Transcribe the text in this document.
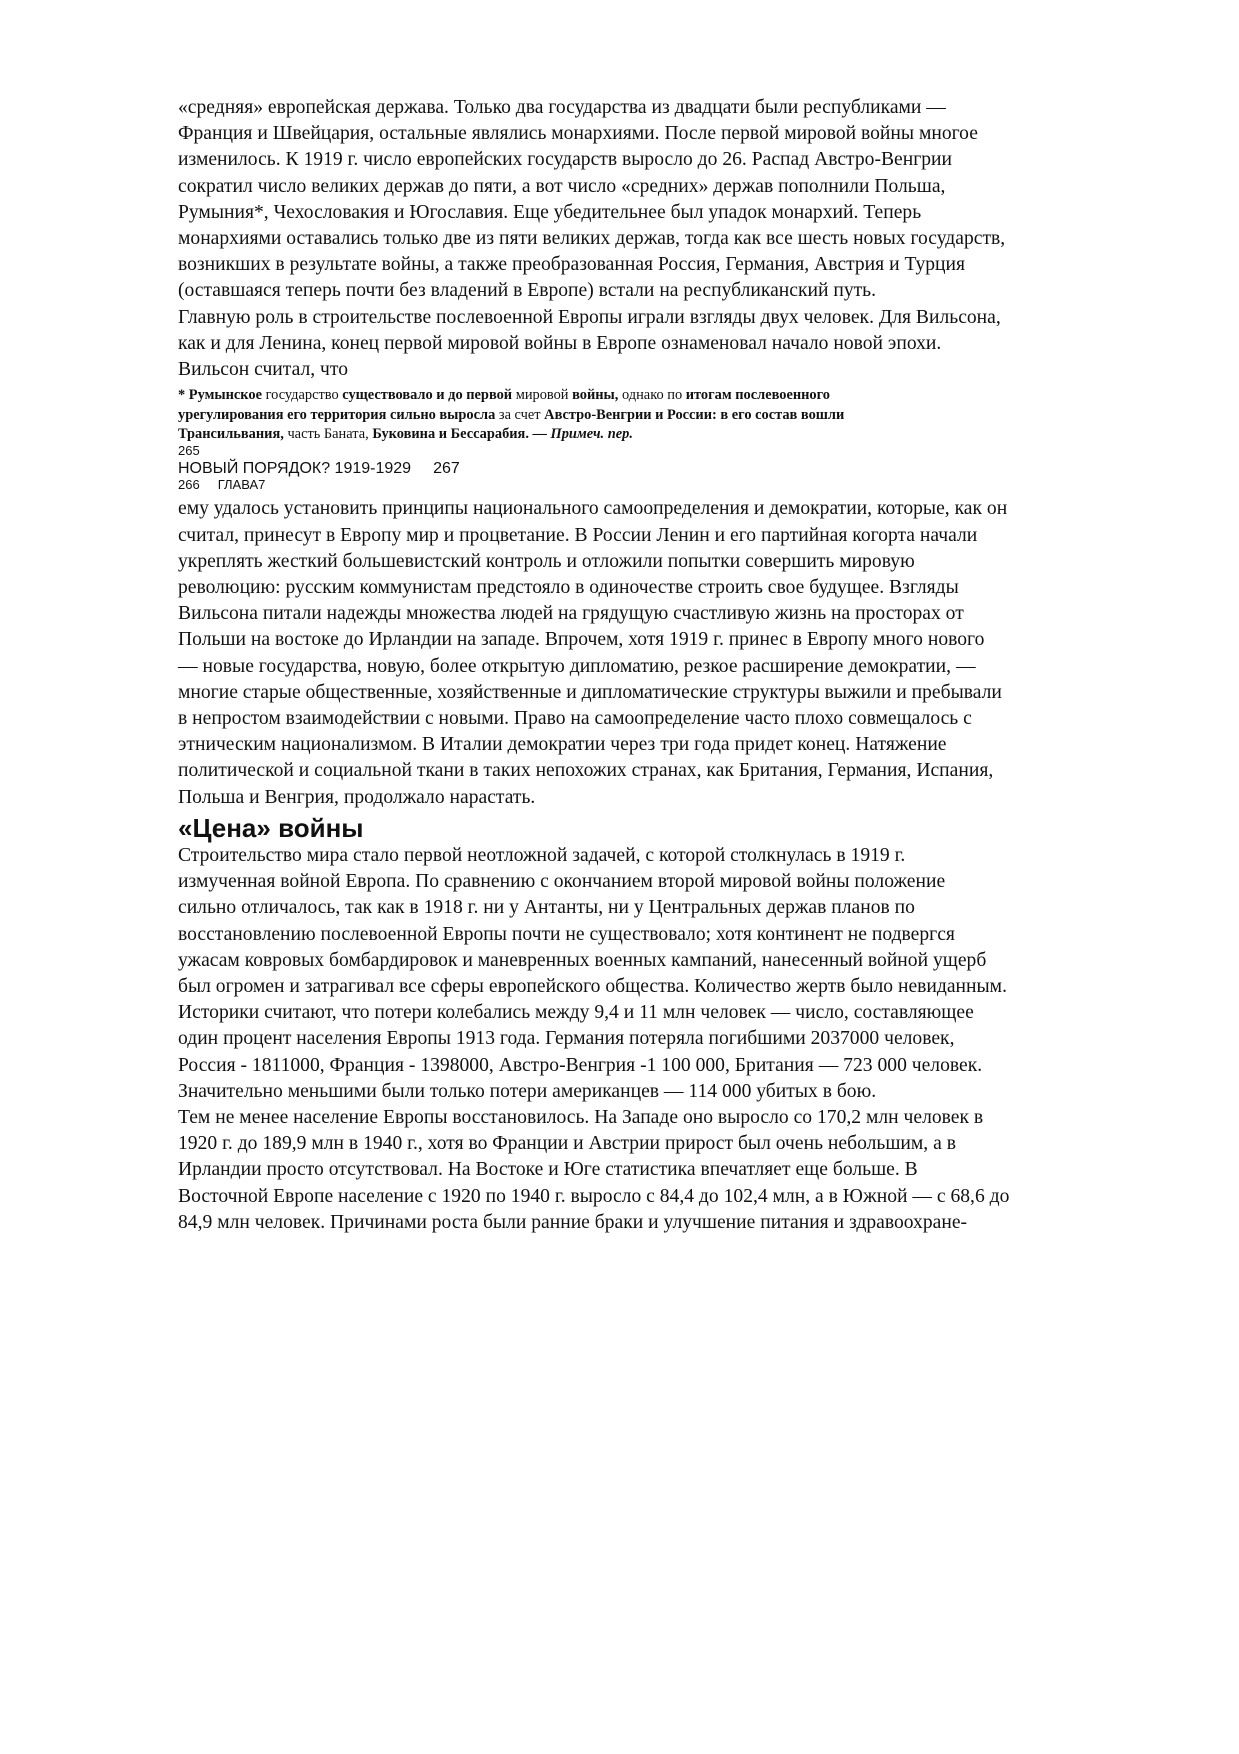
«средняя» европейская держава. Только два государства из двадцати были республиками —
Франция и Швейцария, остальные являлись монархиями. После первой мировой войны многое
изменилось. К 1919 г. число европейских государств выросло до 26. Распад Австро-Венгрии
сократил число великих держав до пяти, а вот число «средних» держав пополнили Польша,
Румыния*, Чехословакия и Югославия. Еще убедительнее был упадок монархий. Теперь
монархиями оставались только две из пяти великих держав, тогда как все шесть новых государств,
возникших в результате войны, а также преобразованная Россия, Германия, Австрия и Турция
(оставшаяся теперь почти без владений в Европе) встали на республиканский путь.

Главную роль в строительстве послевоенной Европы играли взгляды двух человек. Для Вильсона,
как и для Ленина, конец первой мировой войны в Европе ознаменовал начало новой эпохи.
Вильсон считал, что

* Румынское государство существовало и до первой мировой войны, однако по итогам послевоенного
урегулирования его территория сильно выросла за счет Австро-Венгрии и России: в его состав вошли
Трансильвания, часть Баната, Буковина и Бессарабия. — Примеч. пер.

265

НОВЫЙ ПОРЯДОК? 1919-1929 267

266 ГЛАВА7

ему удалось установить принципы национального самоопределения и демократии, которые, как он
считал, принесут в Европу мир и процветание. В России Ленин и его партийная когорта начали
укреплять жесткий большевистский контроль и отложили попытки совершить мировую
революцию: русским коммунистам предстояло в одиночестве строить свое будущее. Взгляды
Вильсона питали надежды множества людей на грядущую счастливую жизнь на просторах от
Польши на востоке до Ирландии на западе. Впрочем, хотя 1919 г. принес в Европу много нового
— новые государства, новую, более открытую дипломатию, резкое расширение демократии, —
многие старые общественные, хозяйственные и дипломатические структуры выжили и пребывали
в непростом взаимодействии с новыми. Право на самоопределение часто плохо совмещалось с
этническим национализмом. В Италии демократии через три года придет конец. Натяжение
политической и социальной ткани в таких непохожих странах, как Британия, Германия, Испания,
Польша и Венгрия, продолжало нарастать.

«Цена» войны

Строительство мира стало первой неотложной задачей, с которой столкнулась в 1919 г.
измученная войной Европа. По сравнению с окончанием второй мировой войны положение
сильно отличалось, так как в 1918 г. ни у Антанты, ни у Центральных держав планов по
восстановлению послевоенной Европы почти не существовало; хотя континент не подвергся
ужасам ковровых бомбардировок и маневренных военных кампаний, нанесенный войной ущерб
был огромен и затрагивал все сферы европейского общества. Количество жертв было невиданным.
Историки считают, что потери колебались между 9,4 и 11 млн человек — число, составляющее
один процент населения Европы 1913 года. Германия потеряла погибшими 2037000 человек,
Россия - 1811000, Франция - 1398000, Австро-Венгрия -1 100 000, Британия — 723 000 человек.
Значительно меньшими были только потери американцев — 114 000 убитых в бою.

Тем не менее население Европы восстановилось. На Западе оно выросло со 170,2 млн человек в
1920 г. до 189,9 млн в 1940 г., хотя во Франции и Австрии прирост был очень небольшим, а в
Ирландии просто отсутствовал. На Востоке и Юге статистика впечатляет еще больше. В
Восточной Европе население с 1920 по 1940 г. выросло с 84,4 до 102,4 млн, а в Южной — с 68,6 до
84,9 млн человек. Причинами роста были ранние браки и улучшение питания и здравоохране-
